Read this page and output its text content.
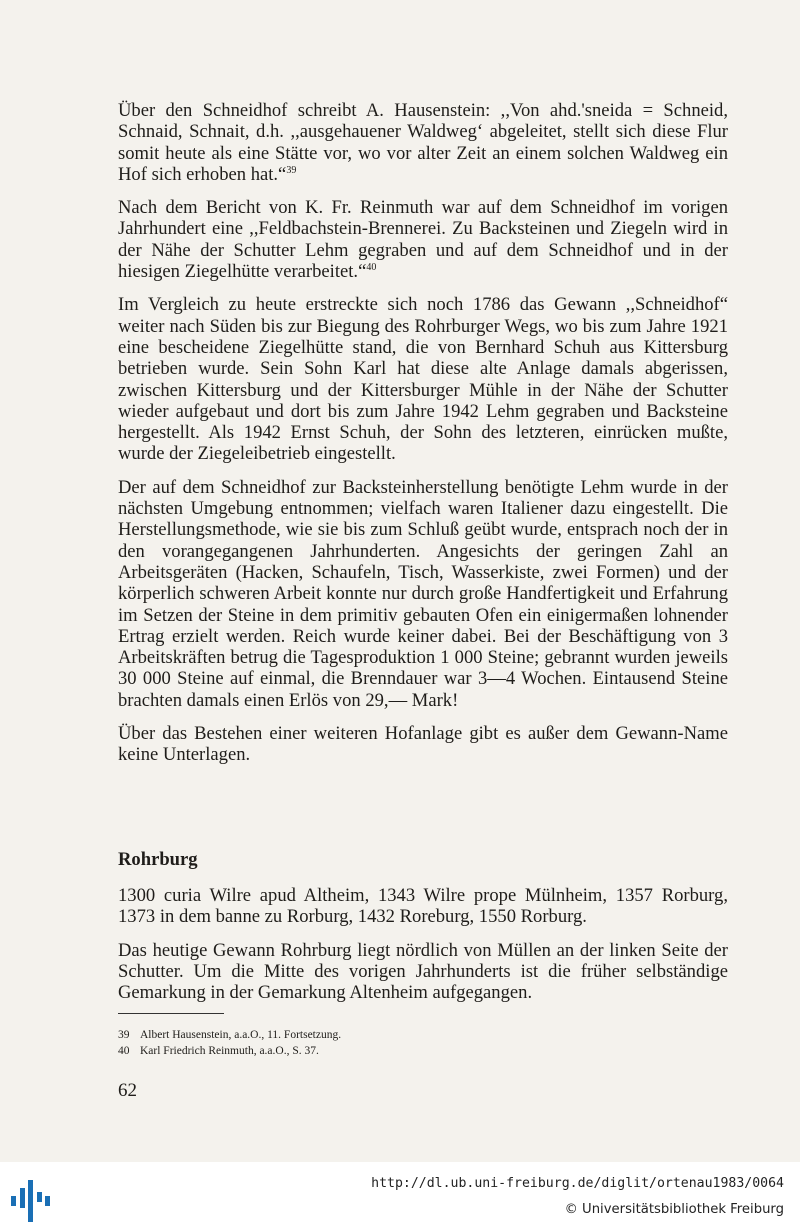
Über den Schneidhof schreibt A. Hausenstein: ,,Von ahd.'sneida = Schneid, Schnaid, Schnait, d.h. ,,ausgehauener Waldweg‘ abgeleitet, stellt sich diese Flur somit heute als eine Stätte vor, wo vor alter Zeit an einem solchen Waldweg ein Hof sich erhoben hat.“$^{39}$

Nach dem Bericht von K. Fr. Reinmuth war auf dem Schneidhof im vorigen Jahrhundert eine ,,Feldbachstein-Brennerei. Zu Backsteinen und Ziegeln wird in der Nähe der Schutter Lehm gegraben und auf dem Schneidhof und in der hiesigen Ziegelhütte verarbeitet.“$^{40}$

Im Vergleich zu heute erstreckte sich noch 1786 das Gewann ,,Schneidhof“ weiter nach Süden bis zur Biegung des Rohrburger Wegs, wo bis zum Jahre 1921 eine bescheidene Ziegelhütte stand, die von Bernhard Schuh aus Kittersburg betrieben wurde. Sein Sohn Karl hat diese alte Anlage damals abgerissen, zwischen Kittersburg und der Kittersburger Mühle in der Nähe der Schutter wieder aufgebaut und dort bis zum Jahre 1942 Lehm gegraben und Backsteine hergestellt. Als 1942 Ernst Schuh, der Sohn des letzteren, einrücken mußte, wurde der Ziegeleibetrieb eingestellt.

Der auf dem Schneidhof zur Backsteinherstellung benötigte Lehm wurde in der nächsten Umgebung entnommen; vielfach waren Italiener dazu eingestellt. Die Herstellungsmethode, wie sie bis zum Schluß geübt wurde, entsprach noch der in den vorangegangenen Jahrhunderten. Angesichts der geringen Zahl an Arbeitsgeräten (Hacken, Schaufeln, Tisch, Wasserkiste, zwei Formen) und der körperlich schweren Arbeit konnte nur durch große Handfertigkeit und Erfahrung im Setzen der Steine in dem primitiv gebauten Ofen ein einigermaßen lohnender Ertrag erzielt werden. Reich wurde keiner dabei. Bei der Beschäftigung von 3 Arbeitskräften betrug die Tagesproduktion 1 000 Steine; gebrannt wurden jeweils 30 000 Steine auf einmal, die Brenndauer war 3—4 Wochen. Eintausend Steine brachten damals einen Erlös von 29,— Mark!

Über das Bestehen einer weiteren Hofanlage gibt es außer dem Gewann-Name keine Unterlagen.

Rohrburg

1300 curia Wilre apud Altheim, 1343 Wilre prope Mülnheim, 1357 Rorburg, 1373 in dem banne zu Rorburg, 1432 Roreburg, 1550 Rorburg.

Das heutige Gewann Rohrburg liegt nördlich von Müllen an der linken Seite der Schutter. Um die Mitte des vorigen Jahrhunderts ist die früher selbständige Gemarkung in der Gemarkung Altenheim aufgegangen.

39 Albert Hausenstein, a.a.O., 11. Fortsetzung.
40 Karl Friedrich Reinmuth, a.a.O., S. 37.
62
http://dl.ub.uni-freiburg.de/diglit/ortenau1983/0064
© Universitätsbibliothek Freiburg
